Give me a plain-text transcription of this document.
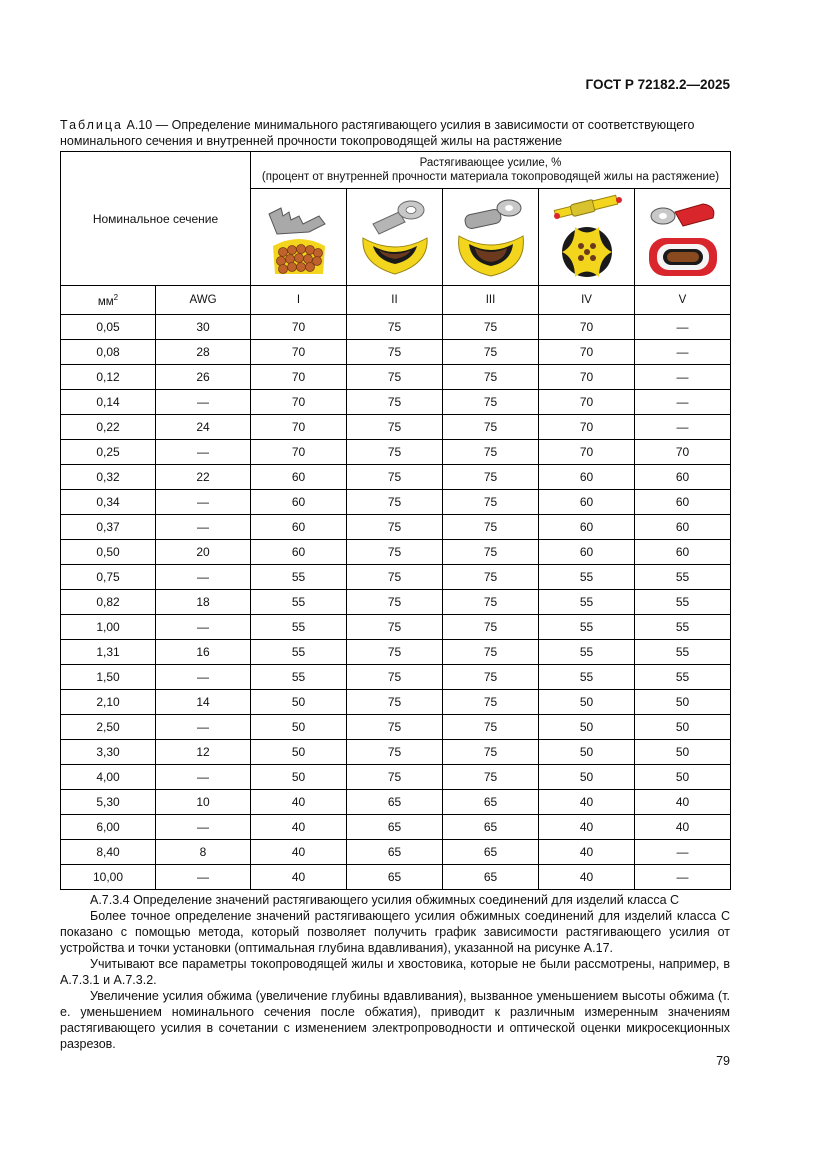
ГОСТ Р 72182.2—2025
Таблица А.10 — Определение минимального растягивающего усилия в зависимости от соответствующего номинального сечения и внутренней прочности токопроводящей жилы на растяжение
Номинальное сечение		Растягивающее усилие, %
(процент от внутренней прочности материала токопроводящей жилы на растяжение)				

$мм^2$	AWG	I	II	III	IV	V
0,05	30	70	75	75	70	—
0,08	28	70	75	75	70	—
0,12	26	70	75	75	70	—
0,14	—	70	75	75	70	—
0,22	24	70	75	75	70	—
0,25	—	70	75	75	70	70
0,32	22	60	75	75	60	60
0,34	—	60	75	75	60	60
0,37	—	60	75	75	60	60
0,50	20	60	75	75	60	60
0,75	—	55	75	75	55	55
0,82	18	55	75	75	55	55
1,00	—	55	75	75	55	55
1,31	16	55	75	75	55	55
1,50	—	55	75	75	55	55
2,10	14	50	75	75	50	50
2,50	—	50	75	75	50	50
3,30	12	50	75	75	50	50
4,00	—	50	75	75	50	50
5,30	10	40	65	65	40	40
6,00	—	40	65	65	40	40
8,40	8	40	65	65	40	—
10,00	—	40	65	65	40	—

А.7.3.4 Определение значений растягивающего усилия обжимных соединений для изделий класса С

Более точное определение значений растягивающего усилия обжимных соединений для изделий класса С показано с помощью метода, который позволяет получить график зависимости растягивающего усилия от устройства и точки установки (оптимальная глубина вдавливания), указанной на рисунке А.17.

Учитывают все параметры токопроводящей жилы и хвостовика, которые не были рассмотрены, например, в А.7.3.1 и А.7.3.2.

Увеличение усилия обжима (увеличение глубины вдавливания), вызванное уменьшением высоты обжима (т. е. уменьшением номинального сечения после обжатия), приводит к различным измеренным значениям растягивающего усилия в сочетании с изменением электропроводности и оптической оценки микросекционных разрезов.

79
